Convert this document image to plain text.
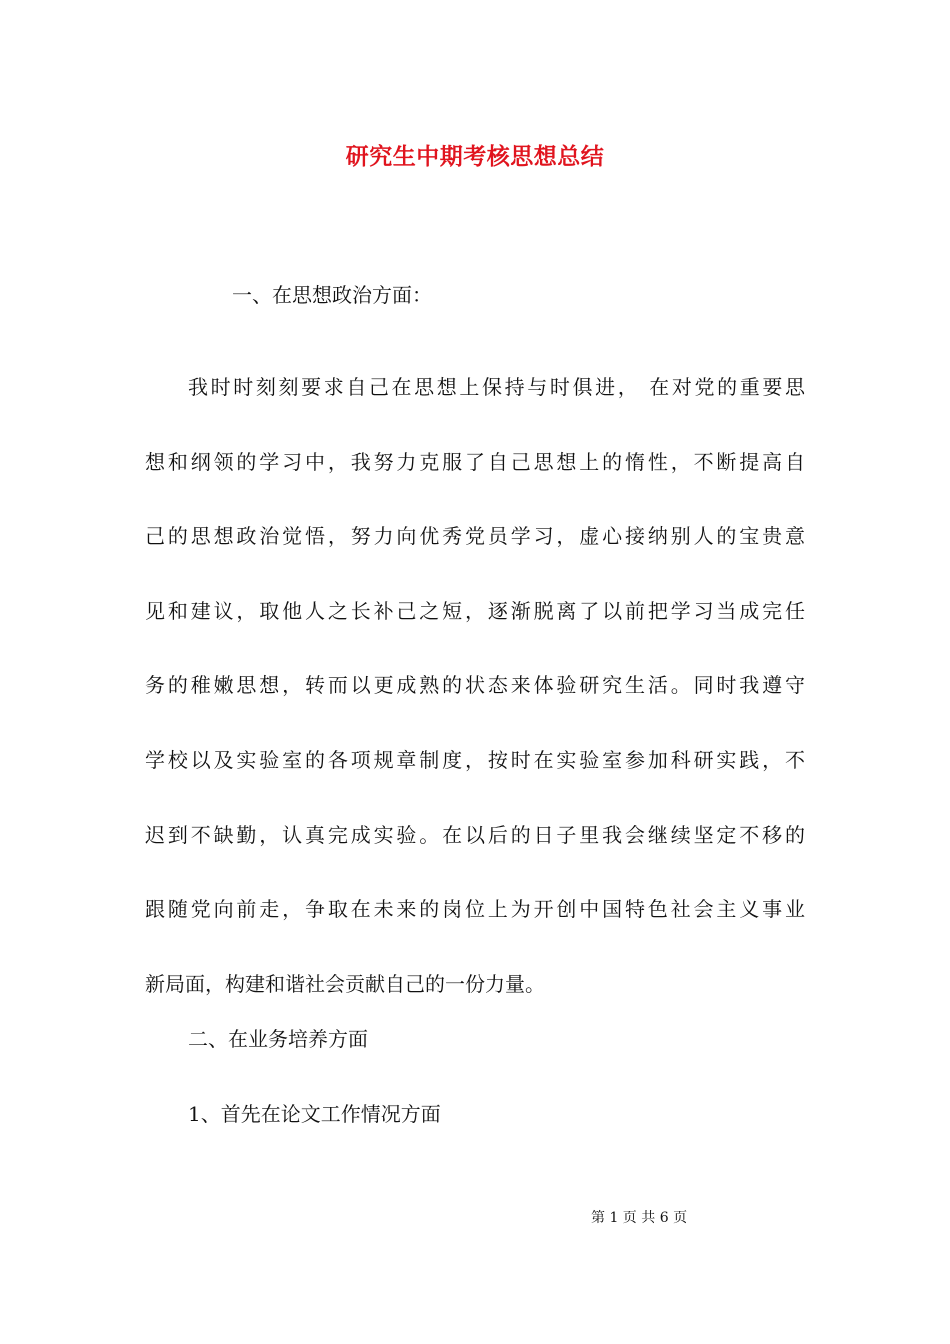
研究生中期考核思想总结
一、在思想政治方面：
我时时刻刻要求自己在思想上保持与时俱进， 在对党的重要思
想和纲领的学习中，我努力克服了自己思想上的惰性，不断提高自
己的思想政治觉悟，努力向优秀党员学习，虚心接纳别人的宝贵意
见和建议，取他人之长补己之短，逐渐脱离了以前把学习当成完任
务的稚嫩思想，转而以更成熟的状态来体验研究生活。同时我遵守
学校以及实验室的各项规章制度，按时在实验室参加科研实践，不
迟到不缺勤，认真完成实验。在以后的日子里我会继续坚定不移的
跟随党向前走，争取在未来的岗位上为开创中国特色社会主义事业
新局面，构建和谐社会贡献自己的一份力量。
二、在业务培养方面
1、首先在论文工作情况方面
第 1 页 共 6 页
